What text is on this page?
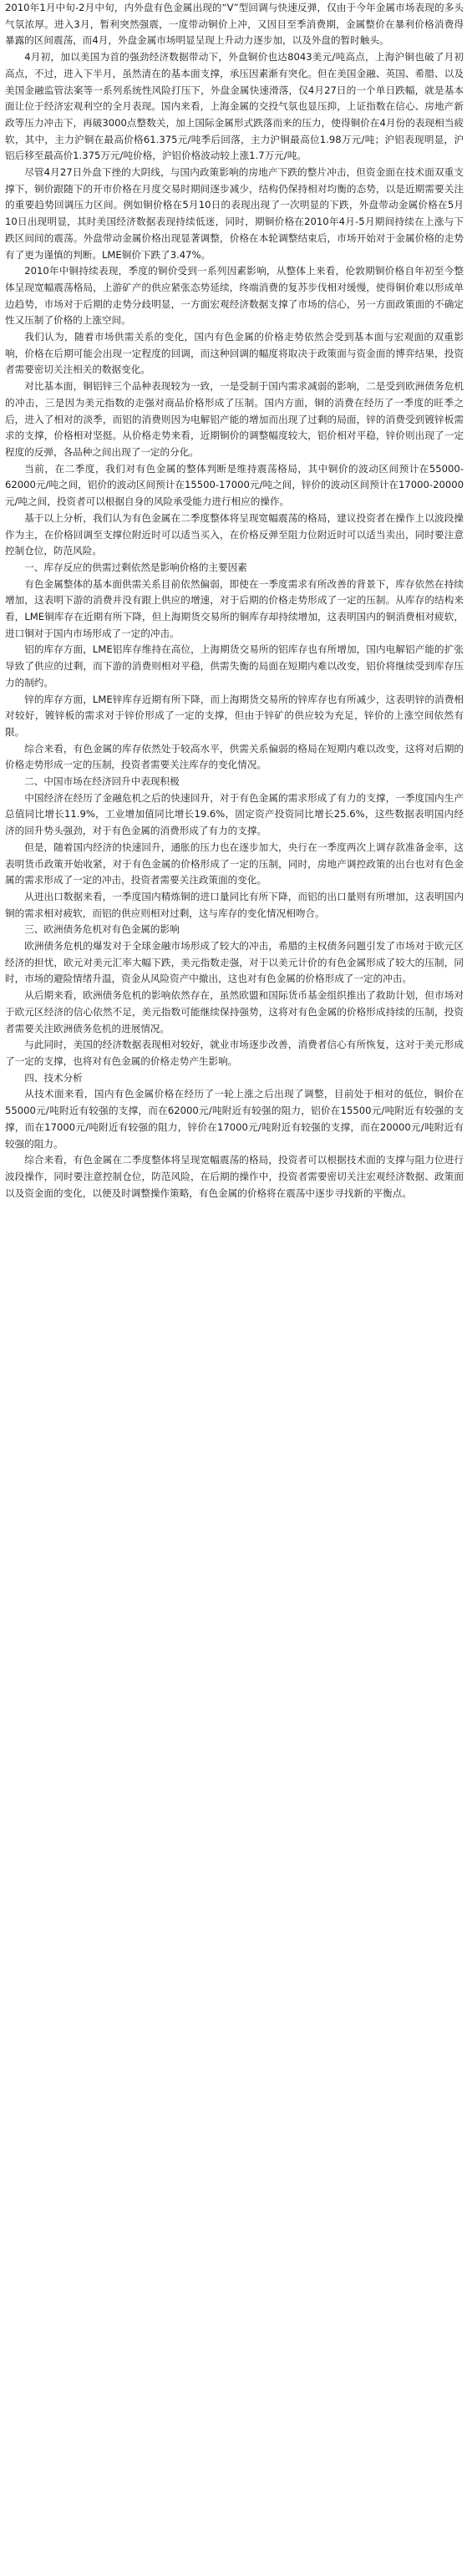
2010年1月中旬-2月中旬，内外盘有色金属出现的“V”型回调与快速反弹，仅由于今年金属市场表现的多头气氛浓厚。进入3月，暂利突然强震，一度带动铜价上冲，又因目至季消费期，金属整价在暴利价格消费得暴露的区间震荡，而4月，外盘金属市场明显呈现上升动力逐步加，以及外盘的暂时触头。

4月初，加以美国为首的强劲经济数据带动下，外盘铜价也达8043美元/吨高点，上海沪铜也破了月初高点，不过，进入下半月，虽然清在的基本面支撑，承压因素渐有突化。但在美国金融、英国、希腊、以及美国金融监管法案等一系列系统性风险打压下，外盘金属快速滑落，仅4月27日的一个单日跌幅，就是基本面让位于经济宏观利空的全月表现。国内来看，上海金属的交投气氛也显压抑，上证指数在信心、房地产新政等压力冲击下，再破3000点整数关，加上国际金属形式跌落而来的压力，使得铜价在4月份的表现相当疲软，其中，主力沪铜在最高价格61.375元/吨季后回落，主力沪铜最高位1.98万元/吨；沪铝表现明显，沪铝后移至最高价1.375万元/吨价格，沪铝价格波动较上涨1.7万元/吨。

尽管4月27日外盘下挫的大阴线，与国内政策影响的房地产下跌的整片冲击，但资金面在技术面双重支撑下，铜价跟随下的开市价格在月度交易时期间逐步减少，结构仍保持相对均衡的态势，以是近期需要关注的重要趋势回调压力区间。例如铜价格在5月10日的表现出现了一次明显的下跌，外盘带动金属价格在5月10日出现明显，其时美国经济数据表现持续低迷，同时，期铜价格在2010年4月-5月期间持续在上涨与下跌区间间的震荡。外盘带动金属价格出现显著调整，价格在本轮调整结束后，市场开始对于金属价格的走势有了更为谨慎的判断。LME铜价下跌了3.47%。

2010年中铜持续表现，季度的铜价受到一系列因素影响，从整体上来看，伦敦期铜价格自年初至今整体呈现宽幅震荡格局，上游矿产的供应紧张态势延续，终端消费的复苏步伐相对缓慢，使得铜价难以形成单边趋势，市场对于后期的走势分歧明显，一方面宏观经济数据支撑了市场的信心，另一方面政策面的不确定性又压制了价格的上涨空间。

我们认为，随着市场供需关系的变化，国内有色金属的价格走势依然会受到基本面与宏观面的双重影响，价格在后期可能会出现一定程度的回调，而这种回调的幅度将取决于政策面与资金面的博弈结果，投资者需要密切关注相关的数据变化。

对比基本面，铜铝锌三个品种表现较为一致，一是受制于国内需求减弱的影响，二是受到欧洲债务危机的冲击，三是因为美元指数的走强对商品价格形成了压制。国内方面，铜的消费在经历了一季度的旺季之后，进入了相对的淡季，而铝的消费则因为电解铝产能的增加而出现了过剩的局面，锌的消费受到镀锌板需求的支撑，价格相对坚挺。从价格走势来看，近期铜价的调整幅度较大，铝价相对平稳，锌价则出现了一定程度的反弹，各品种之间出现了一定的分化。

当前，在二季度，我们对有色金属的整体判断是维持震荡格局，其中铜价的波动区间预计在55000-62000元/吨之间，铝价的波动区间预计在15500-17000元/吨之间，锌价的波动区间预计在17000-20000元/吨之间，投资者可以根据自身的风险承受能力进行相应的操作。

基于以上分析，我们认为有色金属在二季度整体将呈现宽幅震荡的格局，建议投资者在操作上以波段操作为主，在价格回调至支撑位附近时可以适当买入，在价格反弹至阻力位附近时可以适当卖出，同时要注意控制仓位，防范风险。

一、库存反应的供需过剩依然是影响价格的主要因素

有色金属整体的基本面供需关系目前依然偏弱，即使在一季度需求有所改善的背景下，库存依然在持续增加，这表明下游的消费并没有跟上供应的增速，对于后期的价格走势形成了一定的压制。从库存的结构来看，LME铜库存在近期有所下降，但上海期货交易所的铜库存却持续增加，这表明国内的铜消费相对疲软，进口铜对于国内市场形成了一定的冲击。

铝的库存方面，LME铝库存维持在高位，上海期货交易所的铝库存也有所增加，国内电解铝产能的扩张导致了供应的过剩，而下游的消费则相对平稳，供需失衡的局面在短期内难以改变，铝价将继续受到库存压力的制约。

锌的库存方面，LME锌库存近期有所下降，而上海期货交易所的锌库存也有所减少，这表明锌的消费相对较好，镀锌板的需求对于锌价形成了一定的支撑，但由于锌矿的供应较为充足，锌价的上涨空间依然有限。

综合来看，有色金属的库存依然处于较高水平，供需关系偏弱的格局在短期内难以改变，这将对后期的价格走势形成一定的压制，投资者需要关注库存的变化情况。

二、中国市场在经济回升中表现积极

中国经济在经历了金融危机之后的快速回升，对于有色金属的需求形成了有力的支撑，一季度国内生产总值同比增长11.9%，工业增加值同比增长19.6%，固定资产投资同比增长25.6%，这些数据表明国内经济的回升势头强劲，对于有色金属的消费形成了有力的支撑。

但是，随着国内经济的快速回升，通胀的压力也在逐步加大，央行在一季度两次上调存款准备金率，这表明货币政策开始收紧，对于有色金属的价格形成了一定的压制，同时，房地产调控政策的出台也对有色金属的需求形成了一定的冲击，投资者需要关注政策面的变化。

从进出口数据来看，一季度国内精炼铜的进口量同比有所下降，而铝的出口量则有所增加，这表明国内铜的需求相对疲软，而铝的供应则相对过剩，这与库存的变化情况相吻合。

三、欧洲债务危机对有色金属的影响

欧洲债务危机的爆发对于全球金融市场形成了较大的冲击，希腊的主权债务问题引发了市场对于欧元区经济的担忧，欧元对美元汇率大幅下跌，美元指数走强，对于以美元计价的有色金属形成了较大的压制，同时，市场的避险情绪升温，资金从风险资产中撤出，这也对有色金属的价格形成了一定的冲击。

从后期来看，欧洲债务危机的影响依然存在，虽然欧盟和国际货币基金组织推出了救助计划，但市场对于欧元区经济的信心依然不足，美元指数可能继续保持强势，这将对有色金属的价格形成持续的压制，投资者需要关注欧洲债务危机的进展情况。

与此同时，美国的经济数据表现相对较好，就业市场逐步改善，消费者信心有所恢复，这对于美元形成了一定的支撑，也将对有色金属的价格走势产生影响。

四、技术分析

从技术面来看，国内有色金属价格在经历了一轮上涨之后出现了调整，目前处于相对的低位，铜价在55000元/吨附近有较强的支撑，而在62000元/吨附近有较强的阻力，铝价在15500元/吨附近有较强的支撑，而在17000元/吨附近有较强的阻力，锌价在17000元/吨附近有较强的支撑，而在20000元/吨附近有较强的阻力。

综合来看，有色金属在二季度整体将呈现宽幅震荡的格局，投资者可以根据技术面的支撑与阻力位进行波段操作，同时要注意控制仓位，防范风险，在后期的操作中，投资者需要密切关注宏观经济数据、政策面以及资金面的变化，以便及时调整操作策略，有色金属的价格将在震荡中逐步寻找新的平衡点。
